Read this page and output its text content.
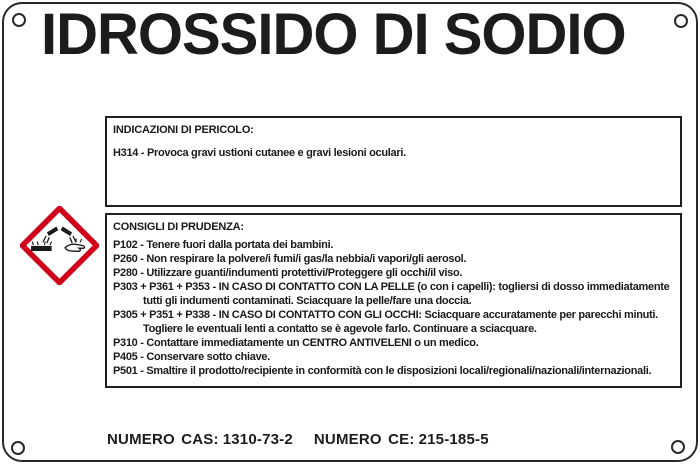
IDROSSIDO DI SODIO
INDICAZIONI DI PERICOLO:
H314 - Provoca gravi ustioni cutanee e gravi lesioni oculari.
CONSIGLI DI PRUDENZA:
P102 - Tenere fuori dalla portata dei bambini.
P260 - Non respirare la polvere/i fumi/i gas/la nebbia/i vapori/gli aerosol.
P280 - Utilizzare guanti/indumenti protettivi/Proteggere gli occhi/il viso.
P303 + P361 + P353 - IN CASO DI CONTATTO CON LA PELLE (o con i capelli): togliersi di dosso immediatamente tutti gli indumenti contaminati. Sciacquare la pelle/fare una doccia.
P305 + P351 + P338 - IN CASO DI CONTATTO CON GLI OCCHI: Sciacquare accuratamente per parecchi minuti. Togliere le eventuali lenti a contatto se è agevole farlo. Continuare a sciacquare.
P310 - Contattare immediatamente un CENTRO ANTIVELENI o un medico.
P405 - Conservare sotto chiave.
P501 - Smaltire il prodotto/recipiente in conformità con le disposizioni locali/regionali/nazionali/internazionali.
NUMERO CAS: 1310-73-2 NUMERO CE: 215-185-5
